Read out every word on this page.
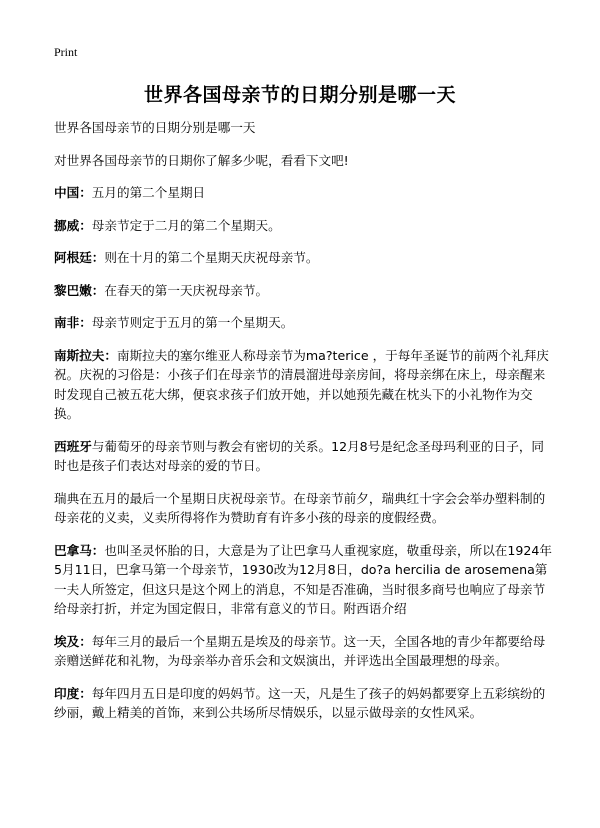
Print
世界各国母亲节的日期分别是哪一天

世界各国母亲节的日期分别是哪一天

对世界各国母亲节的日期你了解多少呢，看看下文吧!

中国：五月的第二个星期日

挪威：母亲节定于二月的第二个星期天。

阿根廷：则在十月的第二个星期天庆祝母亲节。

黎巴嫩：在春天的第一天庆祝母亲节。

南非：母亲节则定于五月的第一个星期天。

南斯拉夫：南斯拉夫的塞尔维亚人称母亲节为ma?terice ，于每年圣诞节的前两个礼拜庆祝。庆祝的习俗是：小孩子们在母亲节的清晨溜进母亲房间，将母亲绑在床上，母亲醒来时发现自己被五花大绑，便哀求孩子们放开她，并以她预先藏在枕头下的小礼物作为交换。

西班牙与葡萄牙的母亲节则与教会有密切的关系。12月8号是纪念圣母玛利亚的日子，同时也是孩子们表达对母亲的爱的节日。

瑞典在五月的最后一个星期日庆祝母亲节。在母亲节前夕，瑞典红十字会会举办塑料制的母亲花的义卖，义卖所得将作为赞助育有许多小孩的母亲的度假经费。

巴拿马：也叫圣灵怀胎的日，大意是为了让巴拿马人重视家庭，敬重母亲，所以在1924年5月11日，巴拿马第一个母亲节，1930改为12月8日，do?a hercilia de arosemena第一夫人所签定，但这只是这个网上的消息，不知是否准确，当时很多商号也响应了母亲节给母亲打折，并定为国定假日，非常有意义的节日。附西语介绍

埃及：每年三月的最后一个星期五是埃及的母亲节。这一天，全国各地的青少年都要给母亲赠送鲜花和礼物，为母亲举办音乐会和文娱演出，并评选出全国最理想的母亲。

印度：每年四月五日是印度的妈妈节。这一天，凡是生了孩子的妈妈都要穿上五彩缤纷的纱丽，戴上精美的首饰，来到公共场所尽情娱乐，以显示做母亲的女性风采。
